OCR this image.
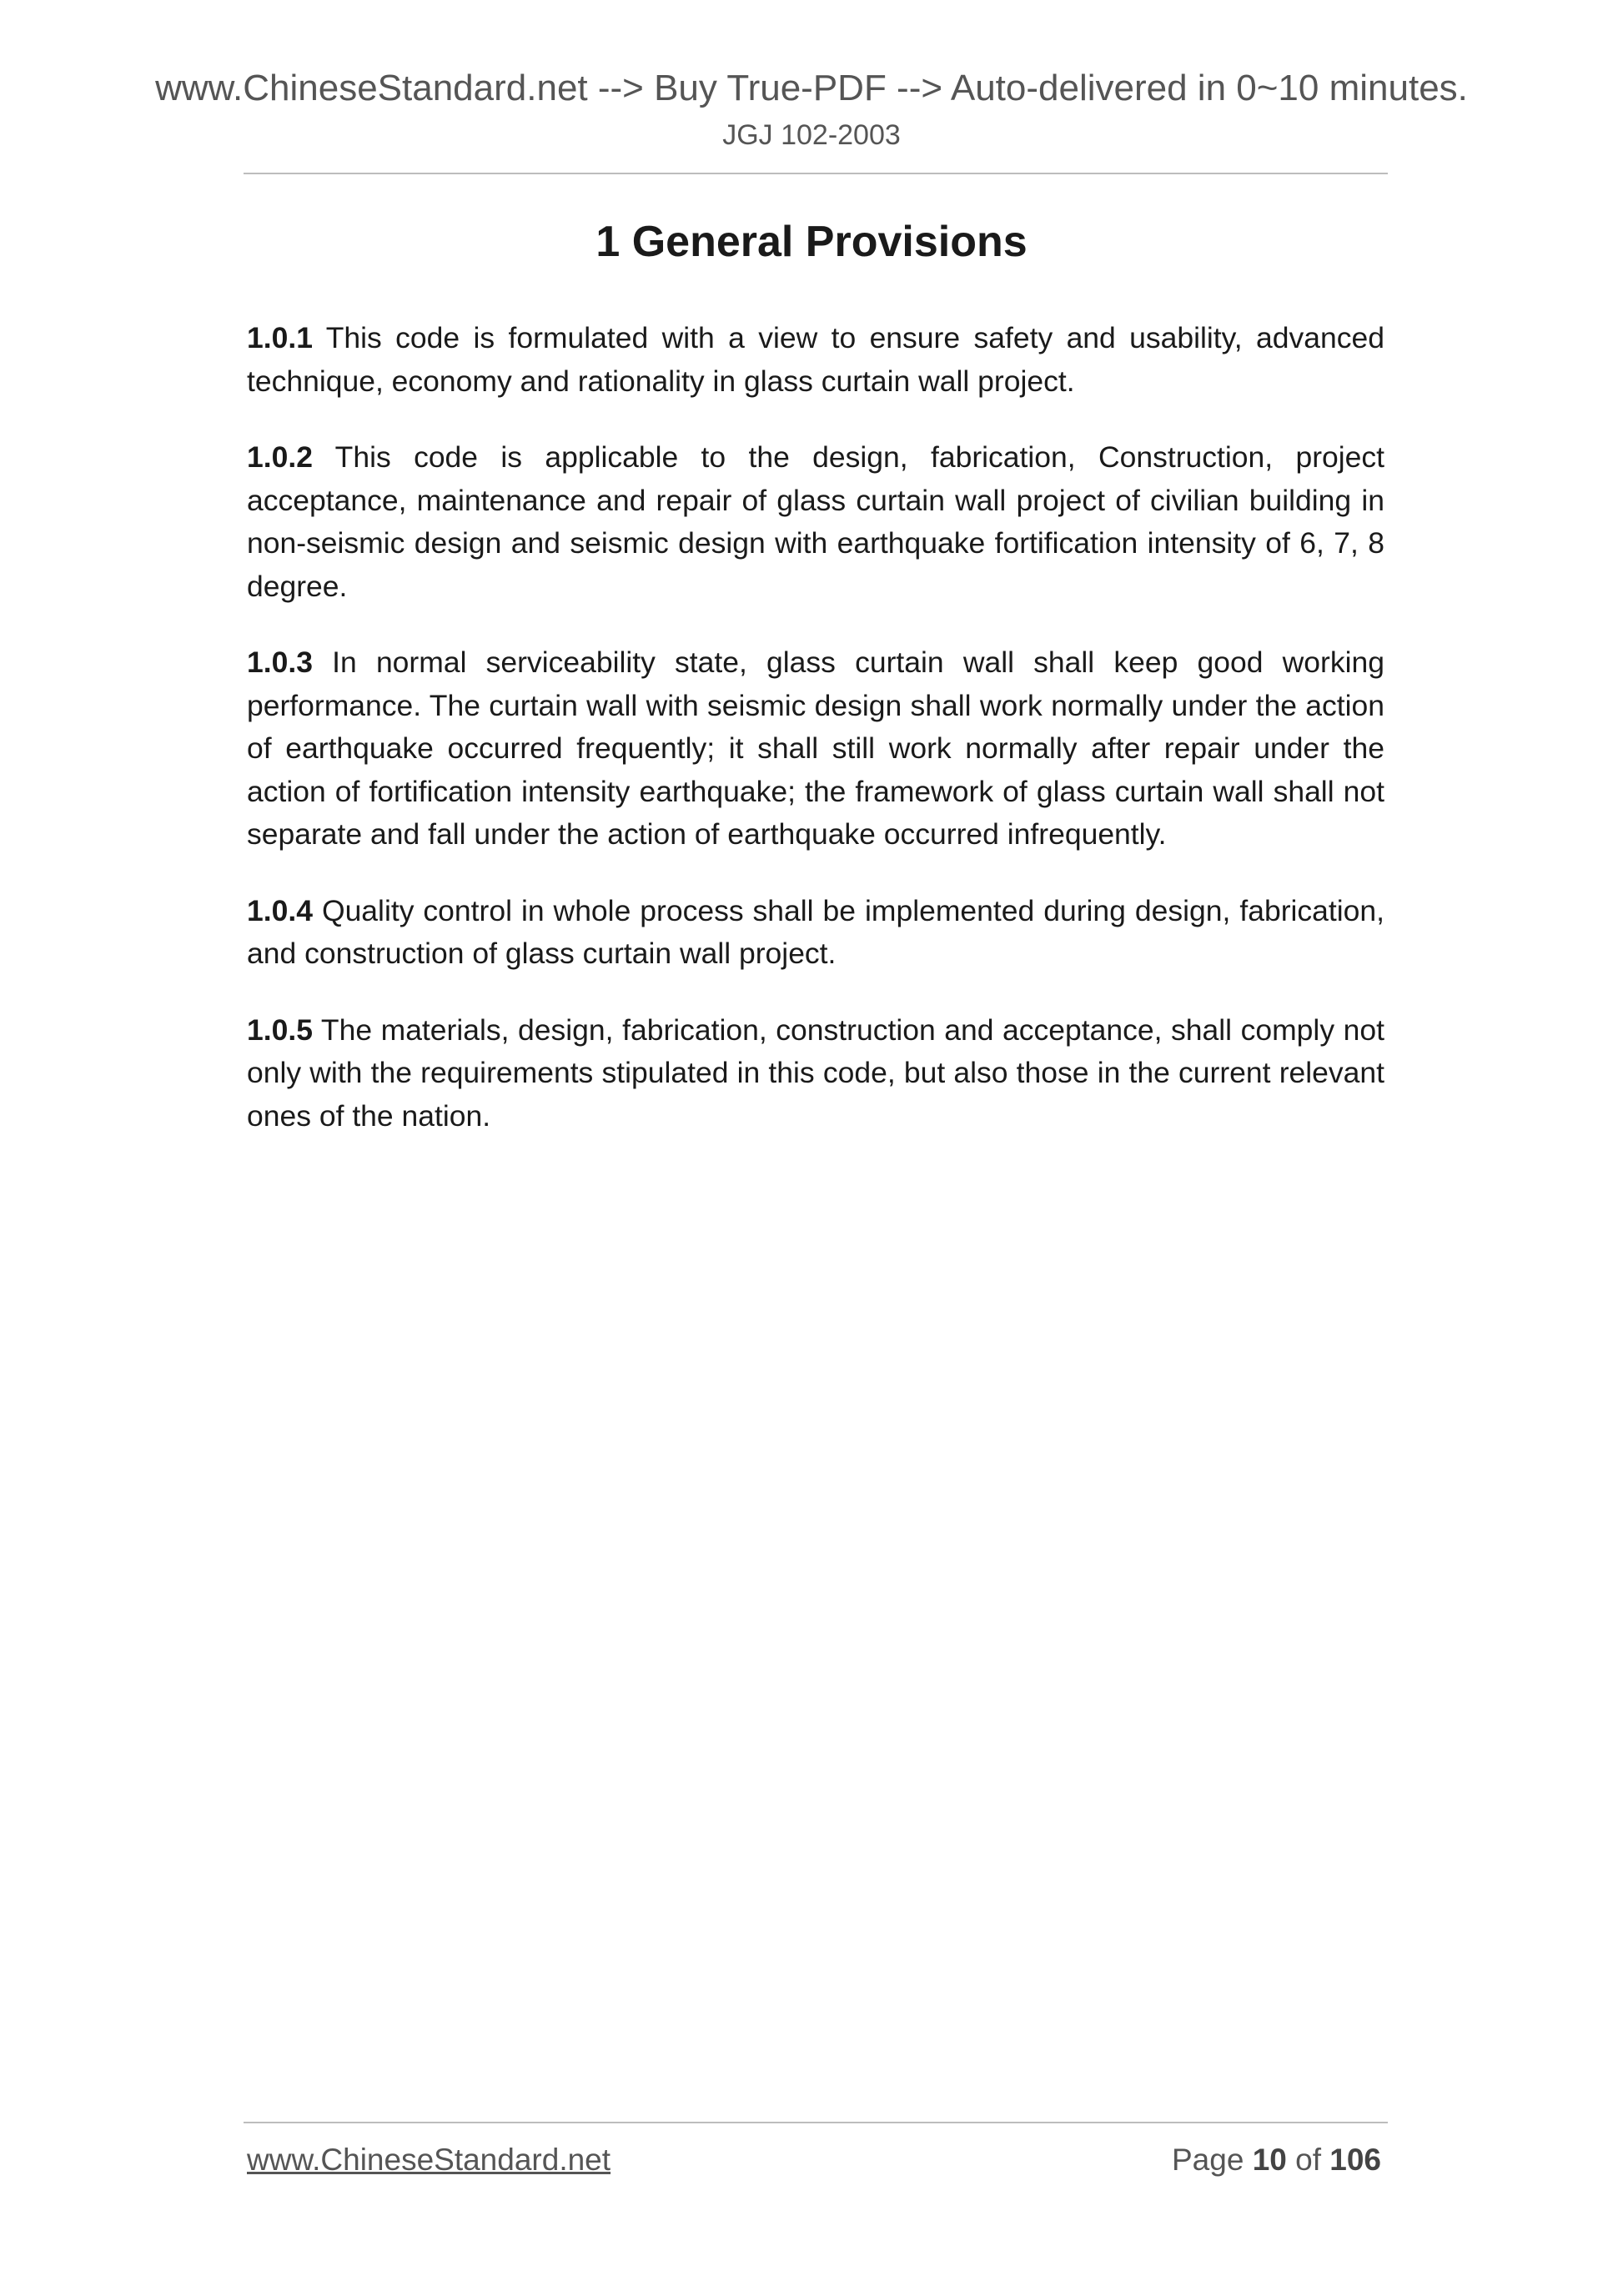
www.ChineseStandard.net --> Buy True-PDF --> Auto-delivered in 0~10 minutes.
JGJ 102-2003
1 General Provisions

1.0.1 This code is formulated with a view to ensure safety and usability, advanced technique, economy and rationality in glass curtain wall project.

1.0.2 This code is applicable to the design, fabrication, Construction, project acceptance, maintenance and repair of glass curtain wall project of civilian building in non-seismic design and seismic design with earthquake fortification intensity of 6, 7, 8 degree.

1.0.3 In normal serviceability state, glass curtain wall shall keep good working performance. The curtain wall with seismic design shall work normally under the action of earthquake occurred frequently; it shall still work normally after repair under the action of fortification intensity earthquake; the framework of glass curtain wall shall not separate and fall under the action of earthquake occurred infrequently.

1.0.4 Quality control in whole process shall be implemented during design, fabrication, and construction of glass curtain wall project.

1.0.5 The materials, design, fabrication, construction and acceptance, shall comply not only with the requirements stipulated in this code, but also those in the current relevant ones of the nation.

www.ChineseStandard.net	Page 10 of 106
